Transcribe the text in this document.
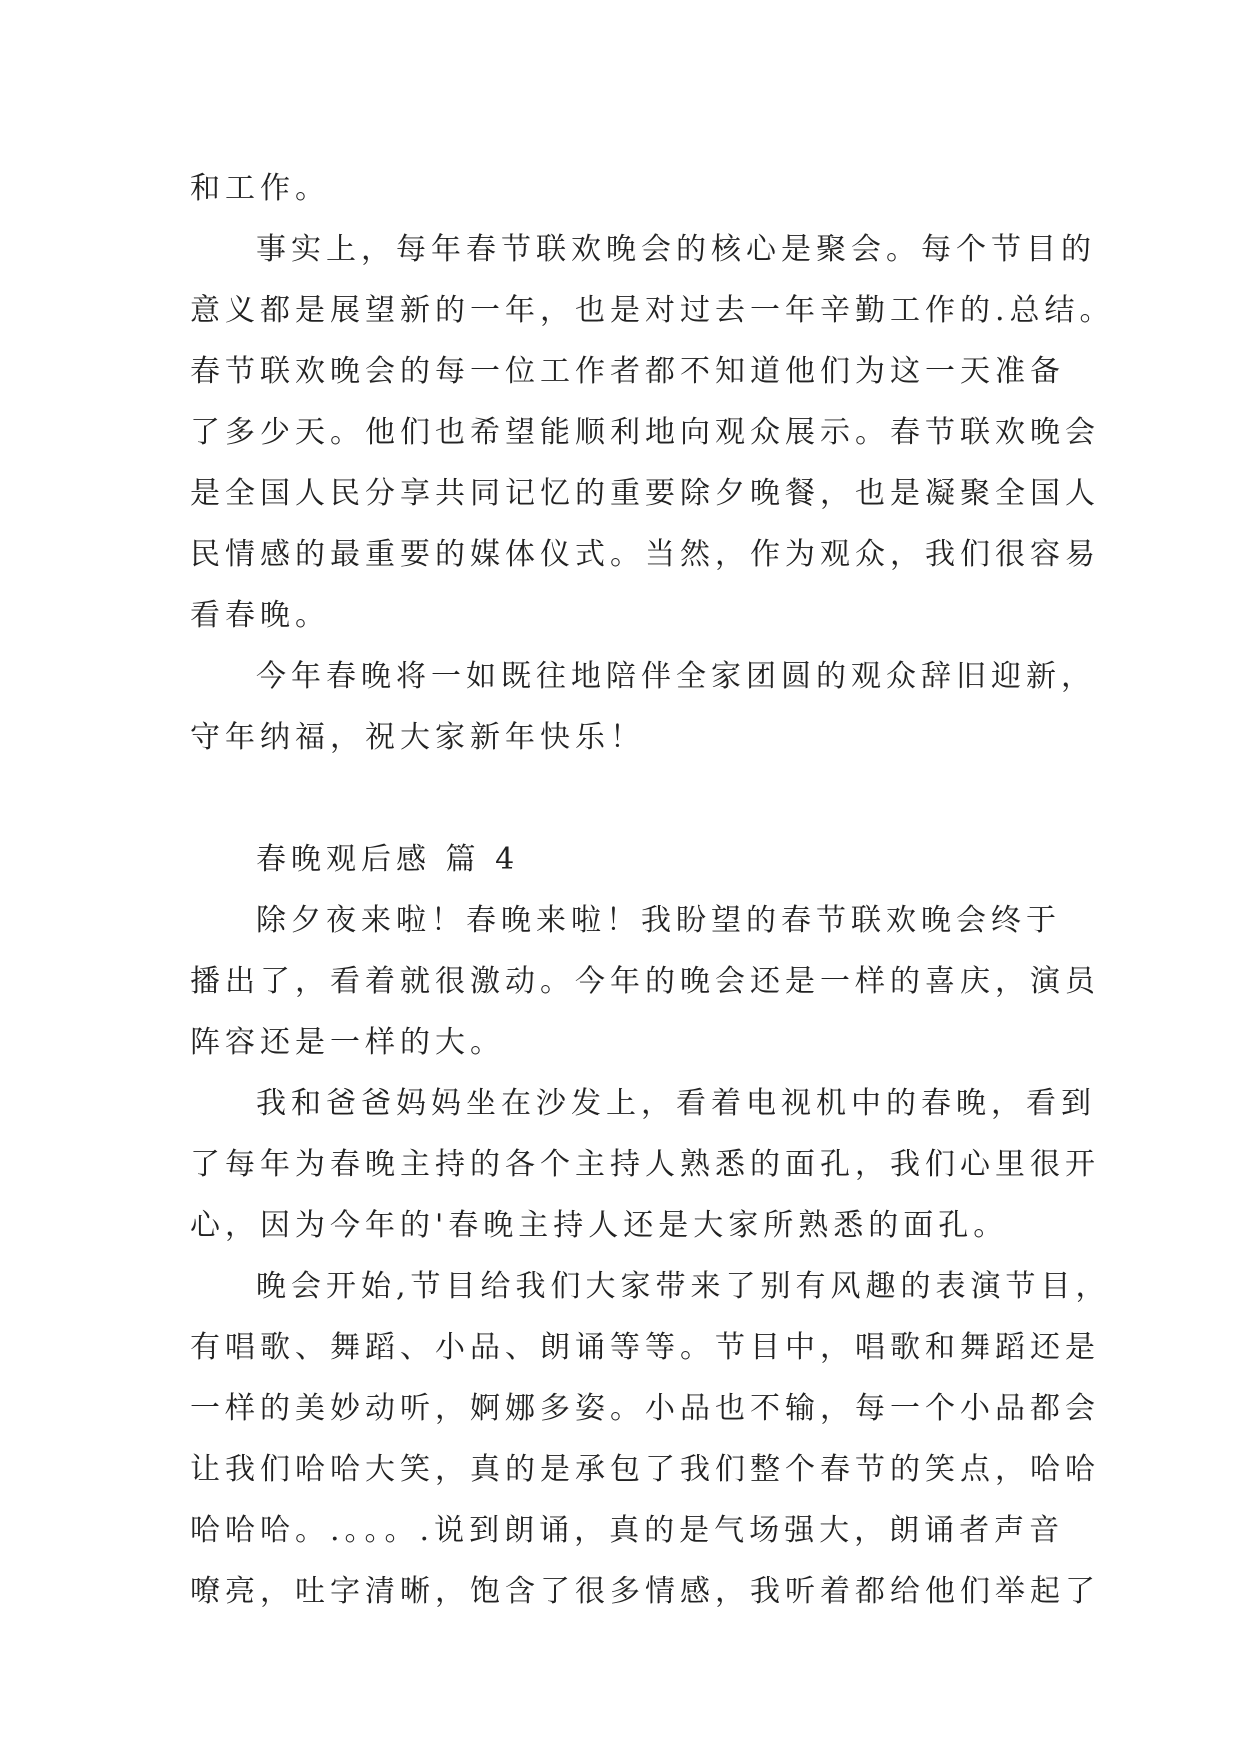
和工作。
事实上，每年春节联欢晚会的核心是聚会。每个节目的
意义都是展望新的一年，也是对过去一年辛勤工作的.总结。
春节联欢晚会的每一位工作者都不知道他们为这一天准备
了多少天。他们也希望能顺利地向观众展示。春节联欢晚会
是全国人民分享共同记忆的重要除夕晚餐，也是凝聚全国人
民情感的最重要的媒体仪式。当然，作为观众，我们很容易
看春晚。
今年春晚将一如既往地陪伴全家团圆的观众辞旧迎新，
守年纳福，祝大家新年快乐！
春晚观后感 篇 4
除夕夜来啦！春晚来啦！我盼望的春节联欢晚会终于
播出了，看着就很激动。今年的晚会还是一样的喜庆，演员
阵容还是一样的大。
我和爸爸妈妈坐在沙发上，看着电视机中的春晚，看到
了每年为春晚主持的各个主持人熟悉的面孔，我们心里很开
心，因为今年的'春晚主持人还是大家所熟悉的面孔。
晚会开始,节目给我们大家带来了别有风趣的表演节目，
有唱歌、舞蹈、小品、朗诵等等。节目中，唱歌和舞蹈还是
一样的美妙动听，婀娜多姿。小品也不输，每一个小品都会
让我们哈哈大笑，真的是承包了我们整个春节的笑点，哈哈
哈哈哈。.。。。.说到朗诵，真的是气场强大，朗诵者声音
嘹亮，吐字清晰，饱含了很多情感，我听着都给他们举起了
